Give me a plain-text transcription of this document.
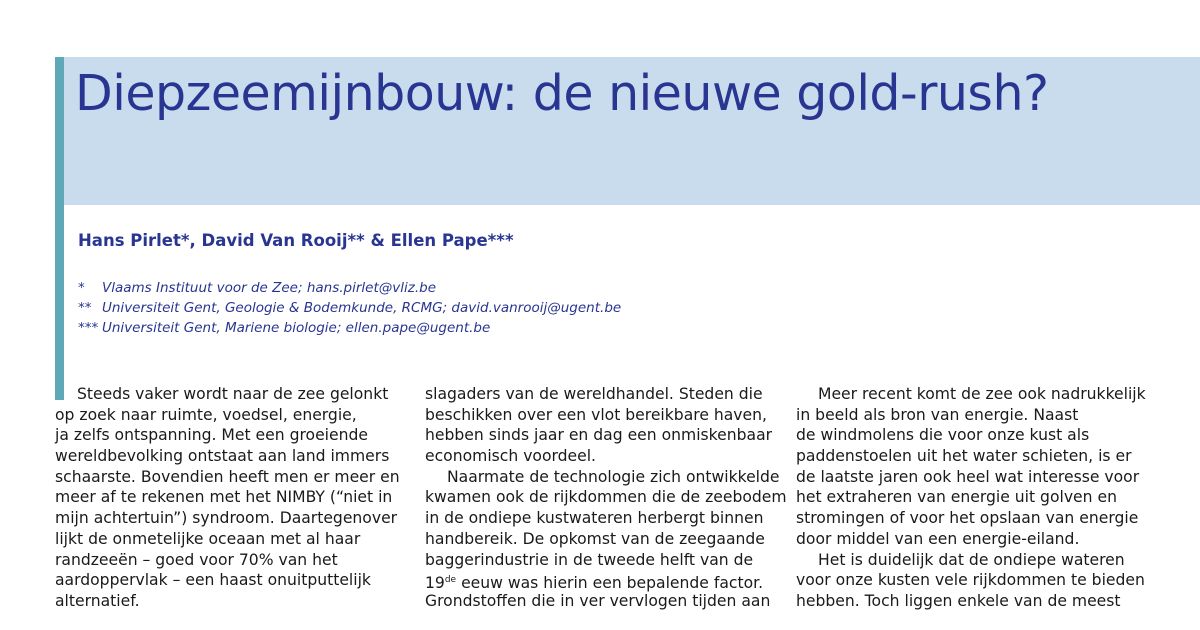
Diepzeemijnbouw: de nieuwe gold-rush?
Hans Pirlet*, David Van Rooij** & Ellen Pape***
* Vlaams Instituut voor de Zee; hans.pirlet@vliz.be
** Universiteit Gent, Geologie & Bodemkunde, RCMG; david.vanrooij@ugent.be
*** Universiteit Gent, Mariene biologie; ellen.pape@ugent.be
Steeds vaker wordt naar de zee gelonkt
op zoek naar ruimte, voedsel, energie,
ja zelfs ontspanning. Met een groeiende
wereldbevolking ontstaat aan land immers
schaarste. Bovendien heeft men er meer en
meer af te rekenen met het NIMBY (“niet in
mijn achtertuin”) syndroom. Daartegenover
lijkt de onmetelijke oceaan met al haar
randzeeën – goed voor 70% van het
aardoppervlak – een haast onuitputtelijk
alternatief.
slagaders van de wereldhandel. Steden die
beschikken over een vlot bereikbare haven,
hebben sinds jaar en dag een onmiskenbaar
economisch voordeel.
Naarmate de technologie zich ontwikkelde
kwamen ook de rijkdommen die de zeebodem
in de ondiepe kustwateren herbergt binnen
handbereik. De opkomst van de zeegaande
baggerindustrie in de tweede helft van de
19de eeuw was hierin een bepalende factor.
Grondstoffen die in ver vervlogen tijden aan
Meer recent komt de zee ook nadrukkelijk
in beeld als bron van energie. Naast
de windmolens die voor onze kust als
paddenstoelen uit het water schieten, is er
de laatste jaren ook heel wat interesse voor
het extraheren van energie uit golven en
stromingen of voor het opslaan van energie
door middel van een energie-eiland.
Het is duidelijk dat de ondiepe wateren
voor onze kusten vele rijkdommen te bieden
hebben. Toch liggen enkele van de meest
